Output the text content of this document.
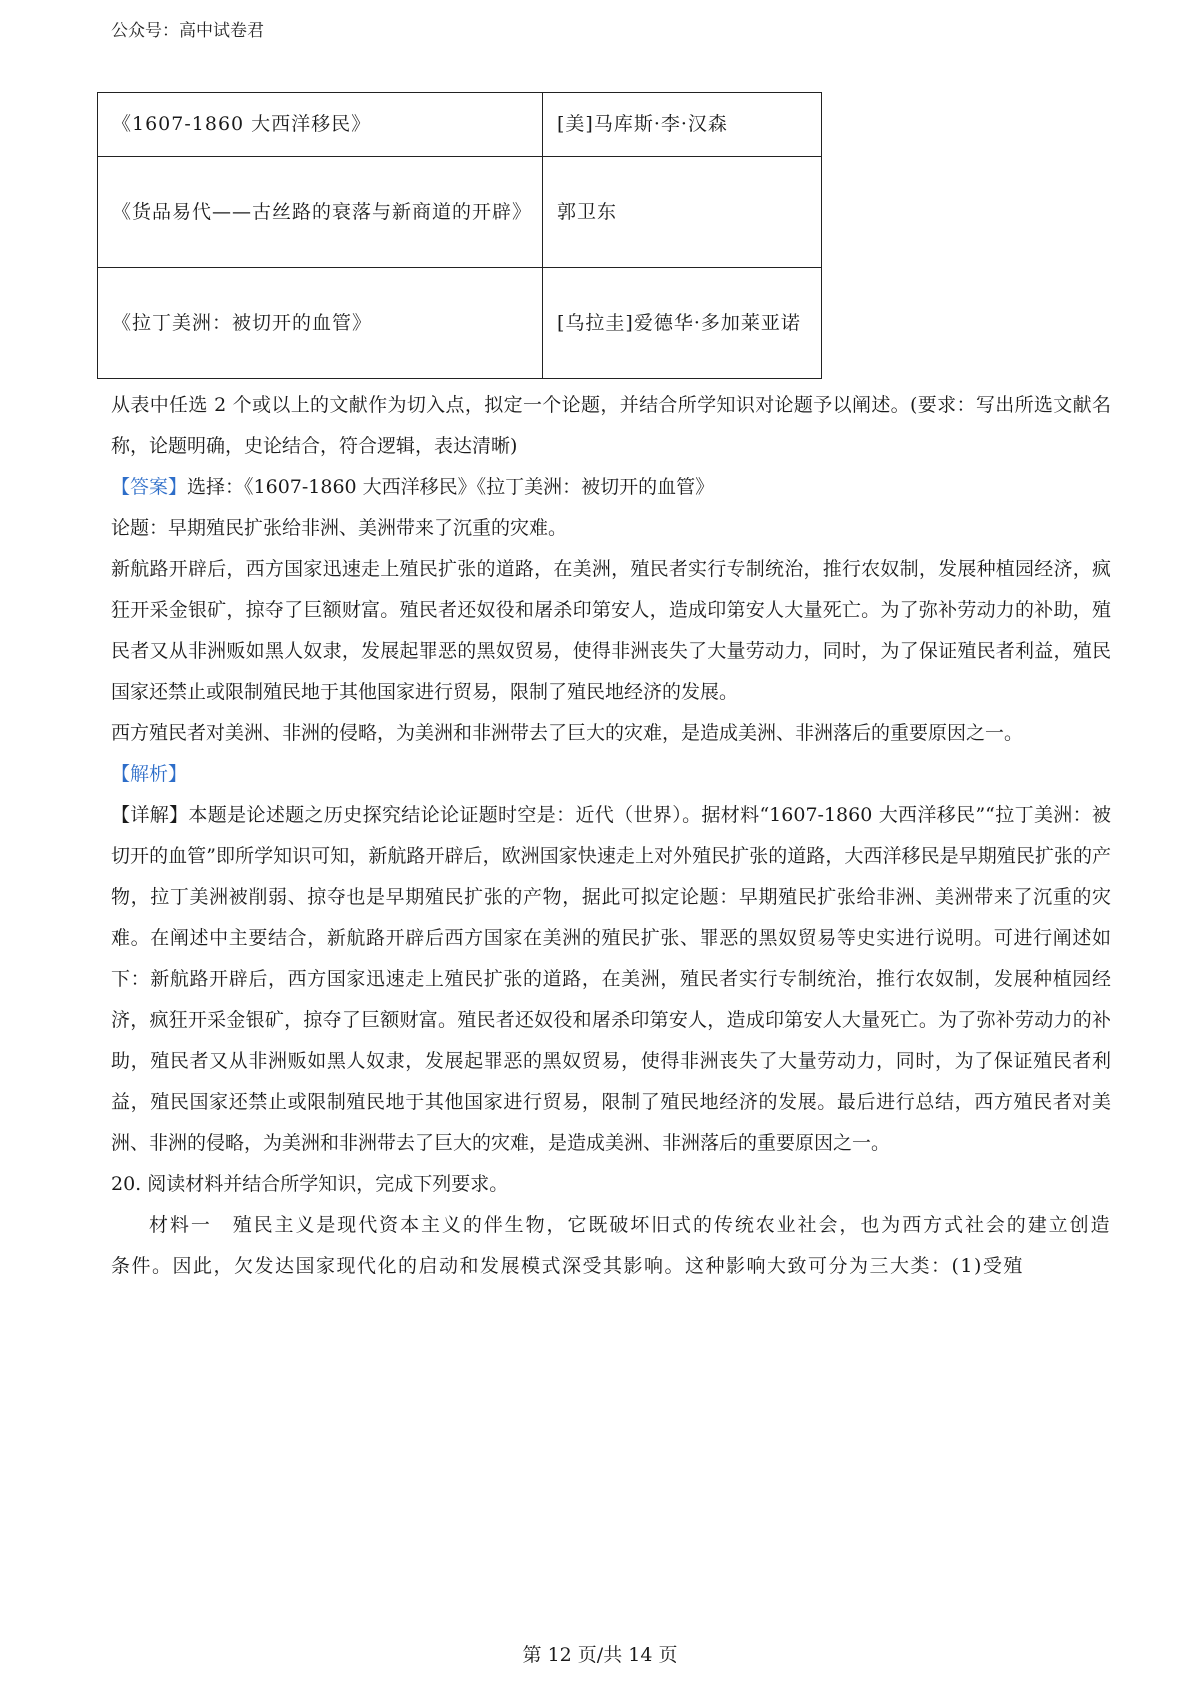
公众号：高中试卷君
《1607-1860 大西洋移民》	[美]马库斯·李·汉森
《货品易代——古丝路的衰落与新商道的开辟》	郭卫东
《拉丁美洲：被切开的血管》	[乌拉圭]爱德华·多加莱亚诺

从表中任选 2 个或以上的文献作为切入点，拟定一个论题，并结合所学知识对论题予以阐述。(要求：写出所选文献名称，论题明确，史论结合，符合逻辑，表达清晰)

【答案】选择：《1607-1860 大西洋移民》《拉丁美洲：被切开的血管》

论题：早期殖民扩张给非洲、美洲带来了沉重的灾难。

新航路开辟后，西方国家迅速走上殖民扩张的道路，在美洲，殖民者实行专制统治，推行农奴制，发展种植园经济，疯狂开采金银矿，掠夺了巨额财富。殖民者还奴役和屠杀印第安人，造成印第安人大量死亡。为了弥补劳动力的补助，殖民者又从非洲贩如黑人奴隶，发展起罪恶的黑奴贸易，使得非洲丧失了大量劳动力，同时，为了保证殖民者利益，殖民国家还禁止或限制殖民地于其他国家进行贸易，限制了殖民地经济的发展。

西方殖民者对美洲、非洲的侵略，为美洲和非洲带去了巨大的灾难，是造成美洲、非洲落后的重要原因之一。

【解析】

【详解】本题是论述题之历史探究结论论证题时空是：近代（世界）。据材料“1607-1860 大西洋移民”“拉丁美洲：被切开的血管”即所学知识可知，新航路开辟后，欧洲国家快速走上对外殖民扩张的道路，大西洋移民是早期殖民扩张的产物，拉丁美洲被削弱、掠夺也是早期殖民扩张的产物，据此可拟定论题：早期殖民扩张给非洲、美洲带来了沉重的灾难。在阐述中主要结合，新航路开辟后西方国家在美洲的殖民扩张、罪恶的黑奴贸易等史实进行说明。可进行阐述如下：新航路开辟后，西方国家迅速走上殖民扩张的道路，在美洲，殖民者实行专制统治，推行农奴制，发展种植园经济，疯狂开采金银矿，掠夺了巨额财富。殖民者还奴役和屠杀印第安人，造成印第安人大量死亡。为了弥补劳动力的补助，殖民者又从非洲贩如黑人奴隶，发展起罪恶的黑奴贸易，使得非洲丧失了大量劳动力，同时，为了保证殖民者利益，殖民国家还禁止或限制殖民地于其他国家进行贸易，限制了殖民地经济的发展。最后进行总结，西方殖民者对美洲、非洲的侵略，为美洲和非洲带去了巨大的灾难，是造成美洲、非洲落后的重要原因之一。

20. 阅读材料并结合所学知识，完成下列要求。

材料一　殖民主义是现代资本主义的伴生物，它既破坏旧式的传统农业社会，也为西方式社会的建立创造条件。因此，欠发达国家现代化的启动和发展模式深受其影响。这种影响大致可分为三大类：(1)受殖

第 12 页/共 14 页
